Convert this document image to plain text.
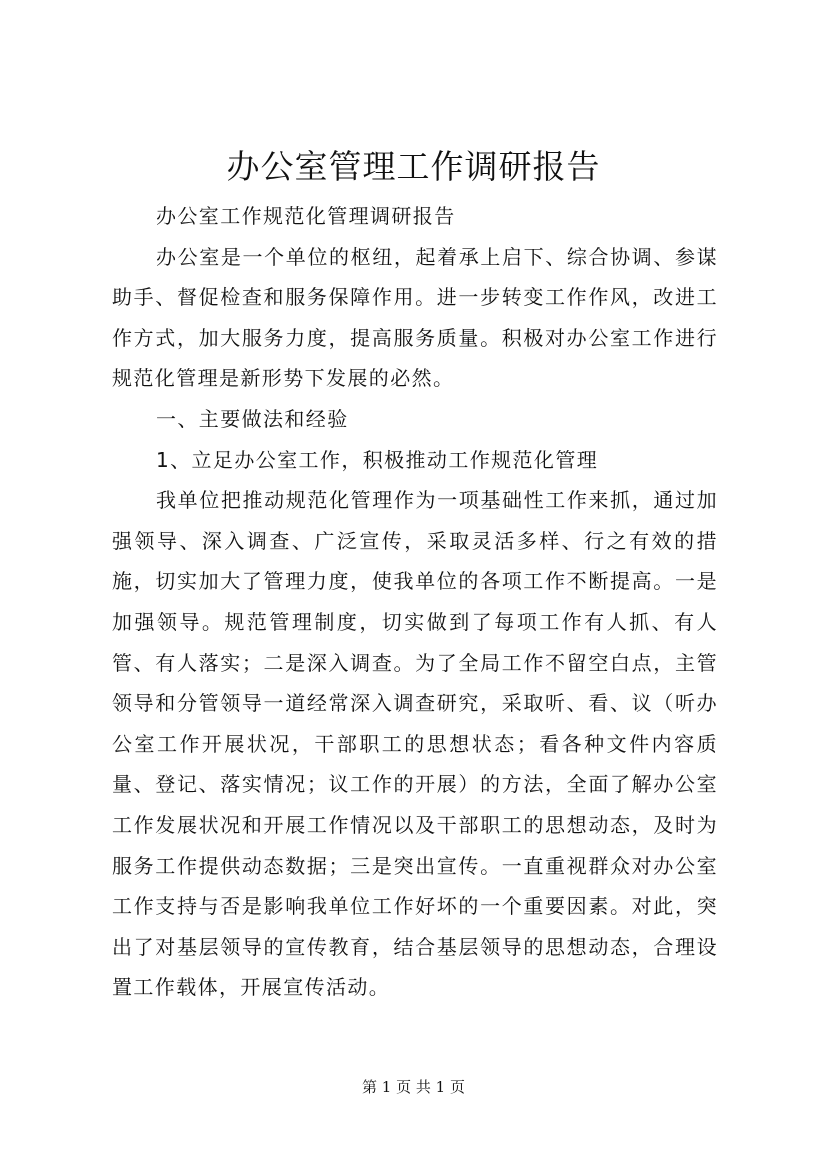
办公室管理工作调研报告

办公室工作规范化管理调研报告

办公室是一个单位的枢纽，起着承上启下、综合协调、参谋助手、督促检查和服务保障作用。进一步转变工作作风，改进工作方式，加大服务力度，提高服务质量。积极对办公室工作进行规范化管理是新形势下发展的必然。

一、主要做法和经验

1、立足办公室工作，积极推动工作规范化管理

我单位把推动规范化管理作为一项基础性工作来抓，通过加强领导、深入调查、广泛宣传，采取灵活多样、行之有效的措施，切实加大了管理力度，使我单位的各项工作不断提高。一是加强领导。规范管理制度，切实做到了每项工作有人抓、有人管、有人落实；二是深入调查。为了全局工作不留空白点，主管领导和分管领导一道经常深入调查研究，采取听、看、议（听办公室工作开展状况，干部职工的思想状态；看各种文件内容质量、登记、落实情况；议工作的开展）的方法，全面了解办公室工作发展状况和开展工作情况以及干部职工的思想动态，及时为服务工作提供动态数据；三是突出宣传。一直重视群众对办公室工作支持与否是影响我单位工作好坏的一个重要因素。对此，突出了对基层领导的宣传教育，结合基层领导的思想动态，合理设置工作载体，开展宣传活动。

第 1 页 共 1 页
